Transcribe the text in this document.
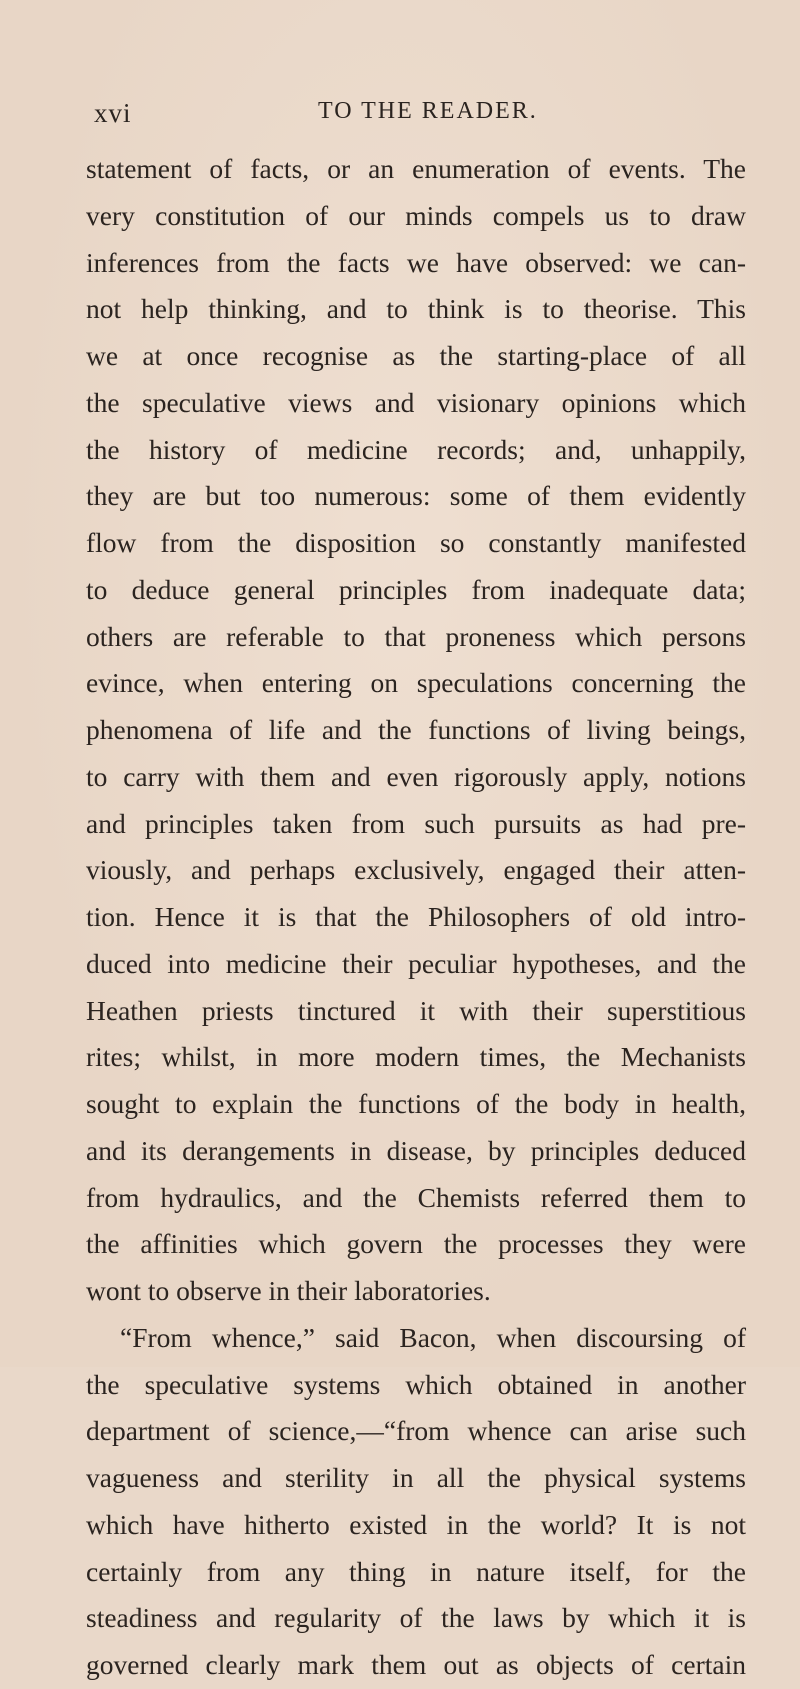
xvi	TO THE READER.
statement of facts, or an enumeration of events. The
very constitution of our minds compels us to draw
inferences from the facts we have observed: we can-
not help thinking, and to think is to theorise. This
we at once recognise as the starting-place of all
the speculative views and visionary opinions which
the history of medicine records; and, unhappily,
they are but too numerous: some of them evidently
flow from the disposition so constantly manifested
to deduce general principles from inadequate data;
others are referable to that proneness which persons
evince, when entering on speculations concerning the
phenomena of life and the functions of living beings,
to carry with them and even rigorously apply, notions
and principles taken from such pursuits as had pre-
viously, and perhaps exclusively, engaged their atten-
tion. Hence it is that the Philosophers of old intro-
duced into medicine their peculiar hypotheses, and the
Heathen priests tinctured it with their superstitious
rites; whilst, in more modern times, the Mechanists
sought to explain the functions of the body in health,
and its derangements in disease, by principles deduced
from hydraulics, and the Chemists referred them to
the affinities which govern the processes they were
wont to observe in their laboratories.
“From whence,” said Bacon, when discoursing of
the speculative systems which obtained in another
department of science,—“from whence can arise such
vagueness and sterility in all the physical systems
which have hitherto existed in the world? It is not
certainly from any thing in nature itself, for the
steadiness and regularity of the laws by which it is
governed clearly mark them out as objects of certain
